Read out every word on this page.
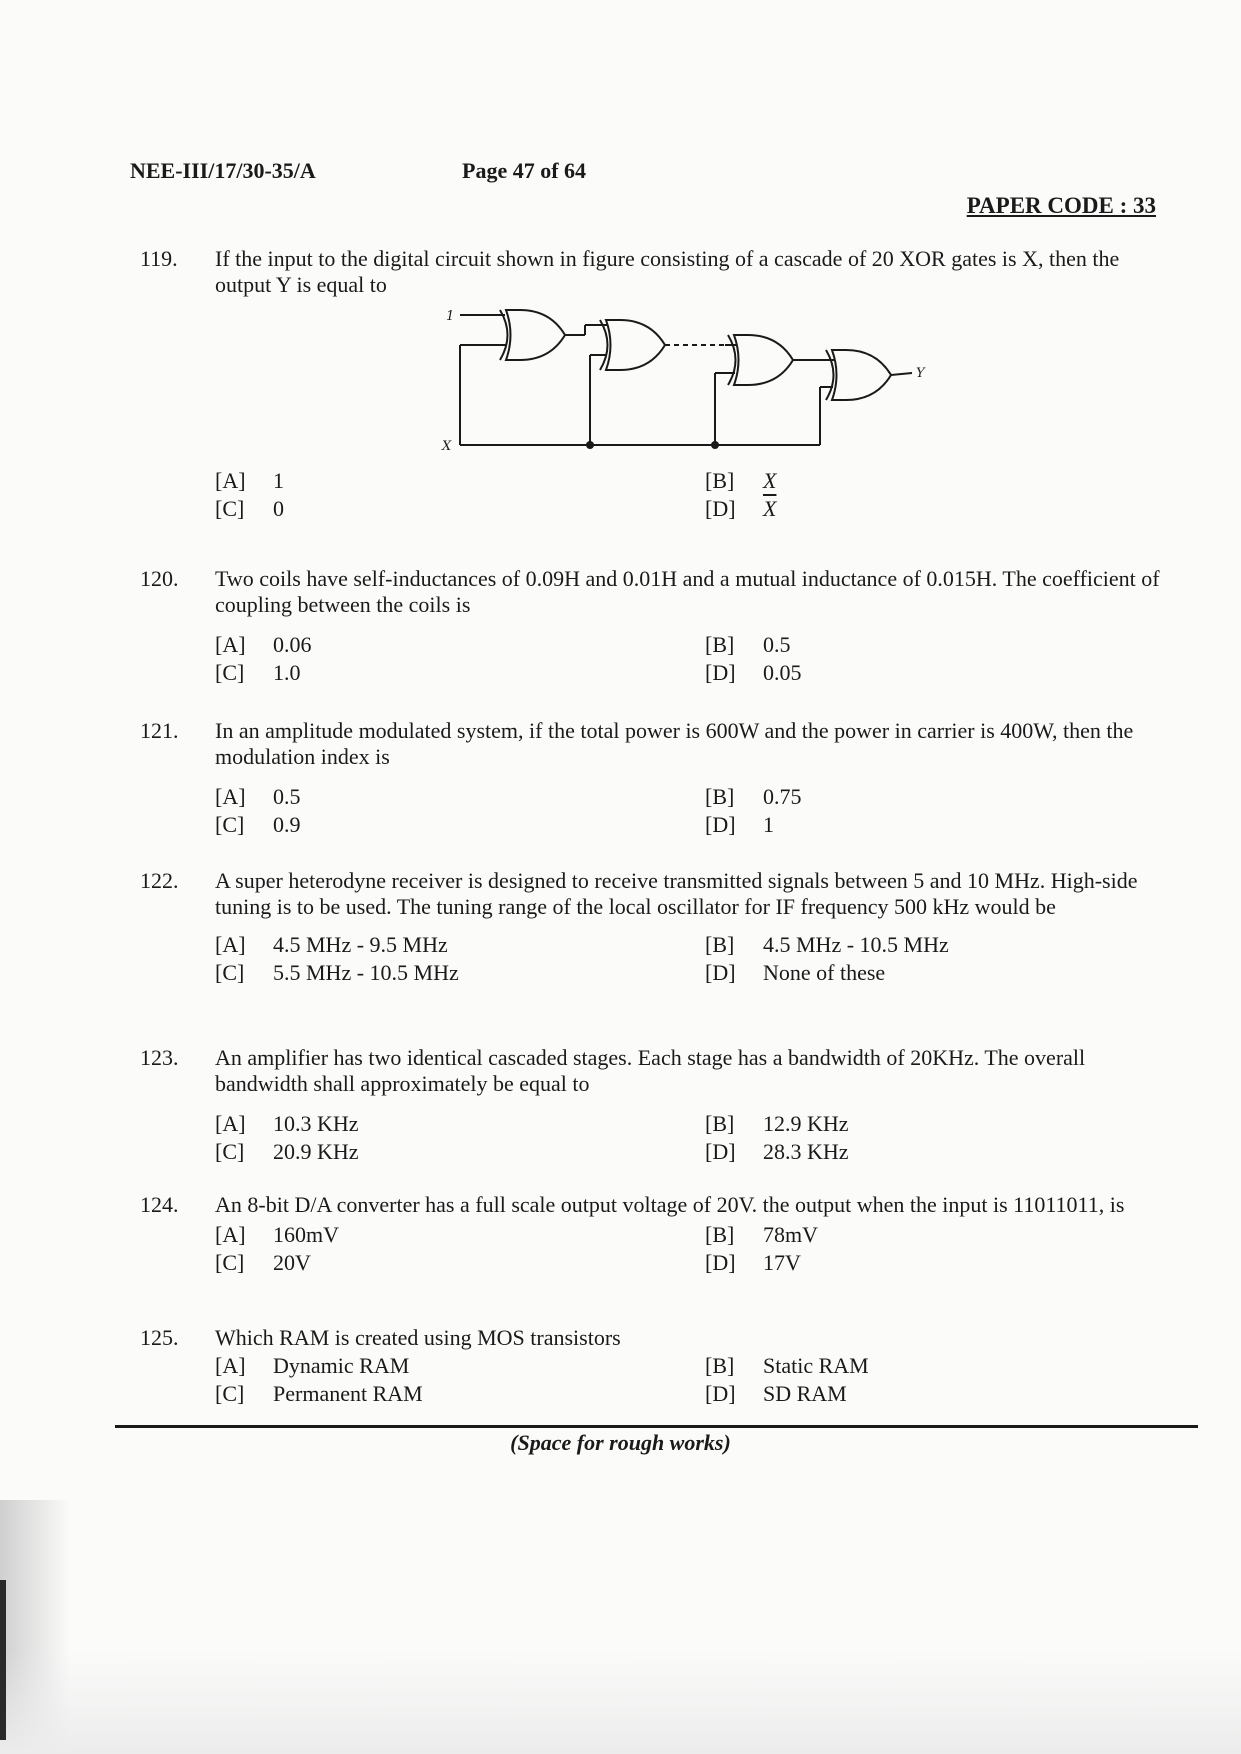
NEE-III/17/30-35/A	Page 47 of 64
PAPER CODE : 33
119. If the input to the digital circuit shown in figure consisting of a cascade of 20 XOR gates is X, then the output Y is equal to
[A] 1	[B] X
[C] 0	[D] $\overline{X}$
1
X
Y
120. Two coils have self-inductances of 0.09H and 0.01H and a mutual inductance of 0.015H. The coefficient of coupling between the coils is
[A] 0.06	[B] 0.5
[C] 1.0	[D] 0.05
121. In an amplitude modulated system, if the total power is 600W and the power in carrier is 400W, then the modulation index is
[A] 0.5	[B] 0.75
[C] 0.9	[D] 1
122. A super heterodyne receiver is designed to receive transmitted signals between 5 and 10 MHz. High-side tuning is to be used. The tuning range of the local oscillator for IF frequency 500 kHz would be
[A] 4.5 MHz - 9.5 MHz	[B] 4.5 MHz - 10.5 MHz
[C] 5.5 MHz - 10.5 MHz	[D] None of these
123. An amplifier has two identical cascaded stages. Each stage has a bandwidth of 20KHz. The overall bandwidth shall approximately be equal to
[A] 10.3 KHz	[B] 12.9 KHz
[C] 20.9 KHz	[D] 28.3 KHz
124. An 8-bit D/A converter has a full scale output voltage of 20V. the output when the input is 11011011, is
[A] 160mV	[B] 78mV
[C] 20V	[D] 17V
125. Which RAM is created using MOS transistors
[A] Dynamic RAM	[B] Static RAM
[C] Permanent RAM	[D] SD RAM
(Space for rough works)
